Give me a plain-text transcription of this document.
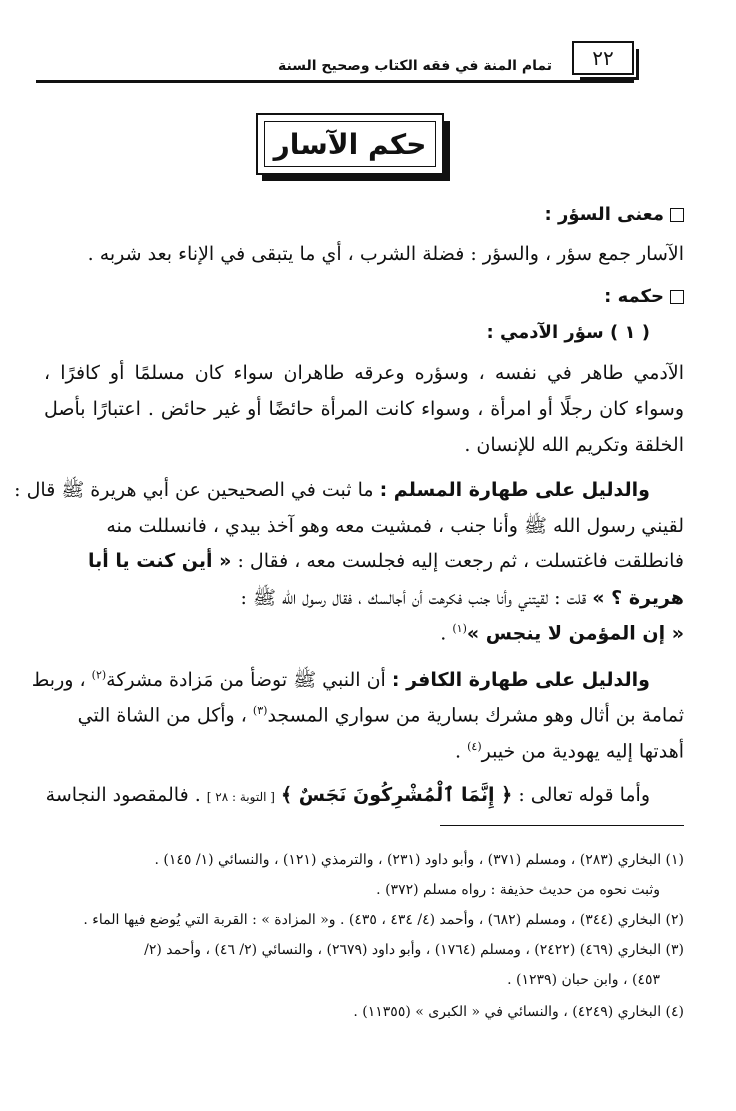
تمام المنة في فقه الكتاب وصحيح السنة	٢٢
حكم الآسار
معنى السؤر :
الآسار جمع سؤر ، والسؤر : فضلة الشرب ، أي ما يتبقى في الإناء بعد شربه .
حكمه :
( ١ ) سؤر الآدمي :
الآدمي طاهر في نفسه ، وسؤره وعرقه طاهران سواء كان مسلمًا أو كافرًا ،
وسواء كان رجلًا أو امرأة ، وسواء كانت المرأة حائضًا أو غير حائض . اعتبارًا بأصل
الخلقة وتكريم الله للإنسان .
والدليل على طهارة المسلم : ما ثبت في الصحيحين عن أبي هريرة ﷺ قال :
لقيني رسول الله ﷺ وأنا جنب ، فمشيت معه وهو آخذ بيدي ، فانسللت منه
فانطلقت فاغتسلت ، ثم رجعت إليه فجلست معه ، فقال : « أين كنت يا أبا
هريرة ؟ » قلت : لقيتني وأنا جنب فكرهت أن أجالسك ، فقال رسول الله ﷺ :
« إن المؤمن لا ينجس »$^{(١)}$ .
والدليل على طهارة الكافر : أن النبي ﷺ توضأ من مَزادة مشركة$^{(٢)}$ ، وربط
ثمامة بن أثال وهو مشرك بسارية من سواري المسجد$^{(٣)}$ ، وأكل من الشاة التي
أهدتها إليه يهودية من خيبر$^{(٤)}$ .
وأما قوله تعالى : ﴿ إِنَّمَا ٱلْمُشْرِكُونَ نَجَسٌ ﴾ [ التوبة : ٢٨ ] . فالمقصود النجاسة
(١) البخاري (٢٨٣) ، ومسلم (٣٧١) ، وأبو داود (٢٣١) ، والترمذي (١٢١) ، والنسائي (١/ ١٤٥) .
وثبت نحوه من حديث حذيفة : رواه مسلم (٣٧٢) .
(٢) البخاري (٣٤٤) ، ومسلم (٦٨٢) ، وأحمد (٤/ ٤٣٤ ، ٤٣٥) . و« المزادة » : القربة التي يُوضع فيها الماء .
(٣) البخاري (٤٦٩) (٢٤٢٢) ، ومسلم (١٧٦٤) ، وأبو داود (٢٦٧٩) ، والنسائي (٢/ ٤٦) ، وأحمد (٢/
٤٥٣) ، وابن حبان (١٢٣٩) .
(٤) البخاري (٤٢٤٩) ، والنسائي في « الكبرى » (١١٣٥٥) .
